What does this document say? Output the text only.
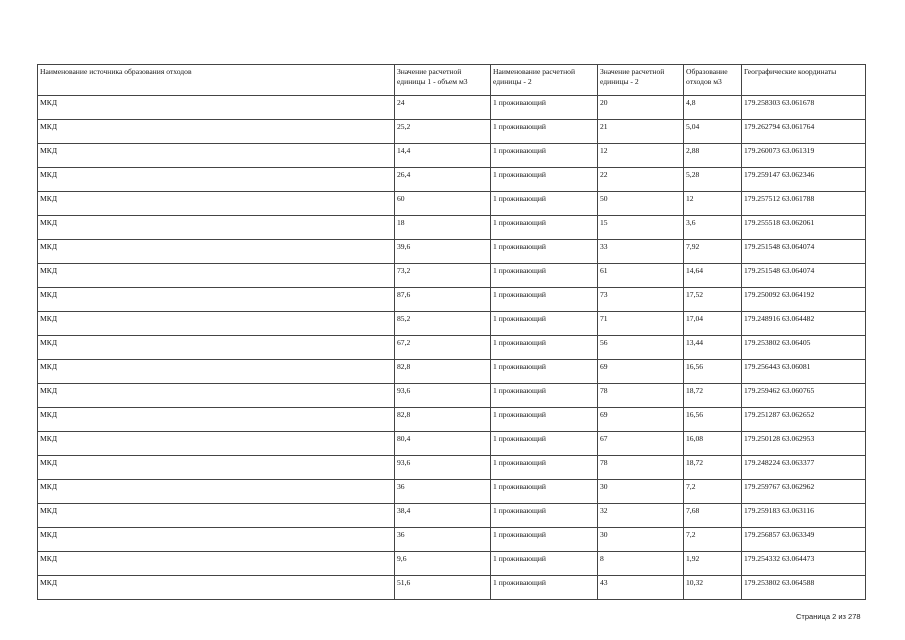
Наименование источника образования отходов	Значение расчетной единицы 1 - объем м3	Наименование расчетной единицы - 2	Значение расчетной единицы - 2	Образование отходов м3	Географические координаты
МКД	24	1 проживающий	20	4,8	179.258303 63.061678
МКД	25,2	1 проживающий	21	5,04	179.262794 63.061764
МКД	14,4	1 проживающий	12	2,88	179.260073 63.061319
МКД	26,4	1 проживающий	22	5,28	179.259147 63.062346
МКД	60	1 проживающий	50	12	179.257512 63.061788
МКД	18	1 проживающий	15	3,6	179.255518 63.062061
МКД	39,6	1 проживающий	33	7,92	179.251548 63.064074
МКД	73,2	1 проживающий	61	14,64	179.251548 63.064074
МКД	87,6	1 проживающий	73	17,52	179.250092 63.064192
МКД	85,2	1 проживающий	71	17,04	179.248916 63.064482
МКД	67,2	1 проживающий	56	13,44	179.253802 63.06405
МКД	82,8	1 проживающий	69	16,56	179.256443 63.06081
МКД	93,6	1 проживающий	78	18,72	179.259462 63.060765
МКД	82,8	1 проживающий	69	16,56	179.251287 63.062652
МКД	80,4	1 проживающий	67	16,08	179.250128 63.062953
МКД	93,6	1 проживающий	78	18,72	179.248224 63.063377
МКД	36	1 проживающий	30	7,2	179.259767 63.062962
МКД	38,4	1 проживающий	32	7,68	179.259183 63.063116
МКД	36	1 проживающий	30	7,2	179.256857 63.063349
МКД	9,6	1 проживающий	8	1,92	179.254332 63.064473
МКД	51,6	1 проживающий	43	10,32	179.253802 63.064588
Страница 2 из 278
